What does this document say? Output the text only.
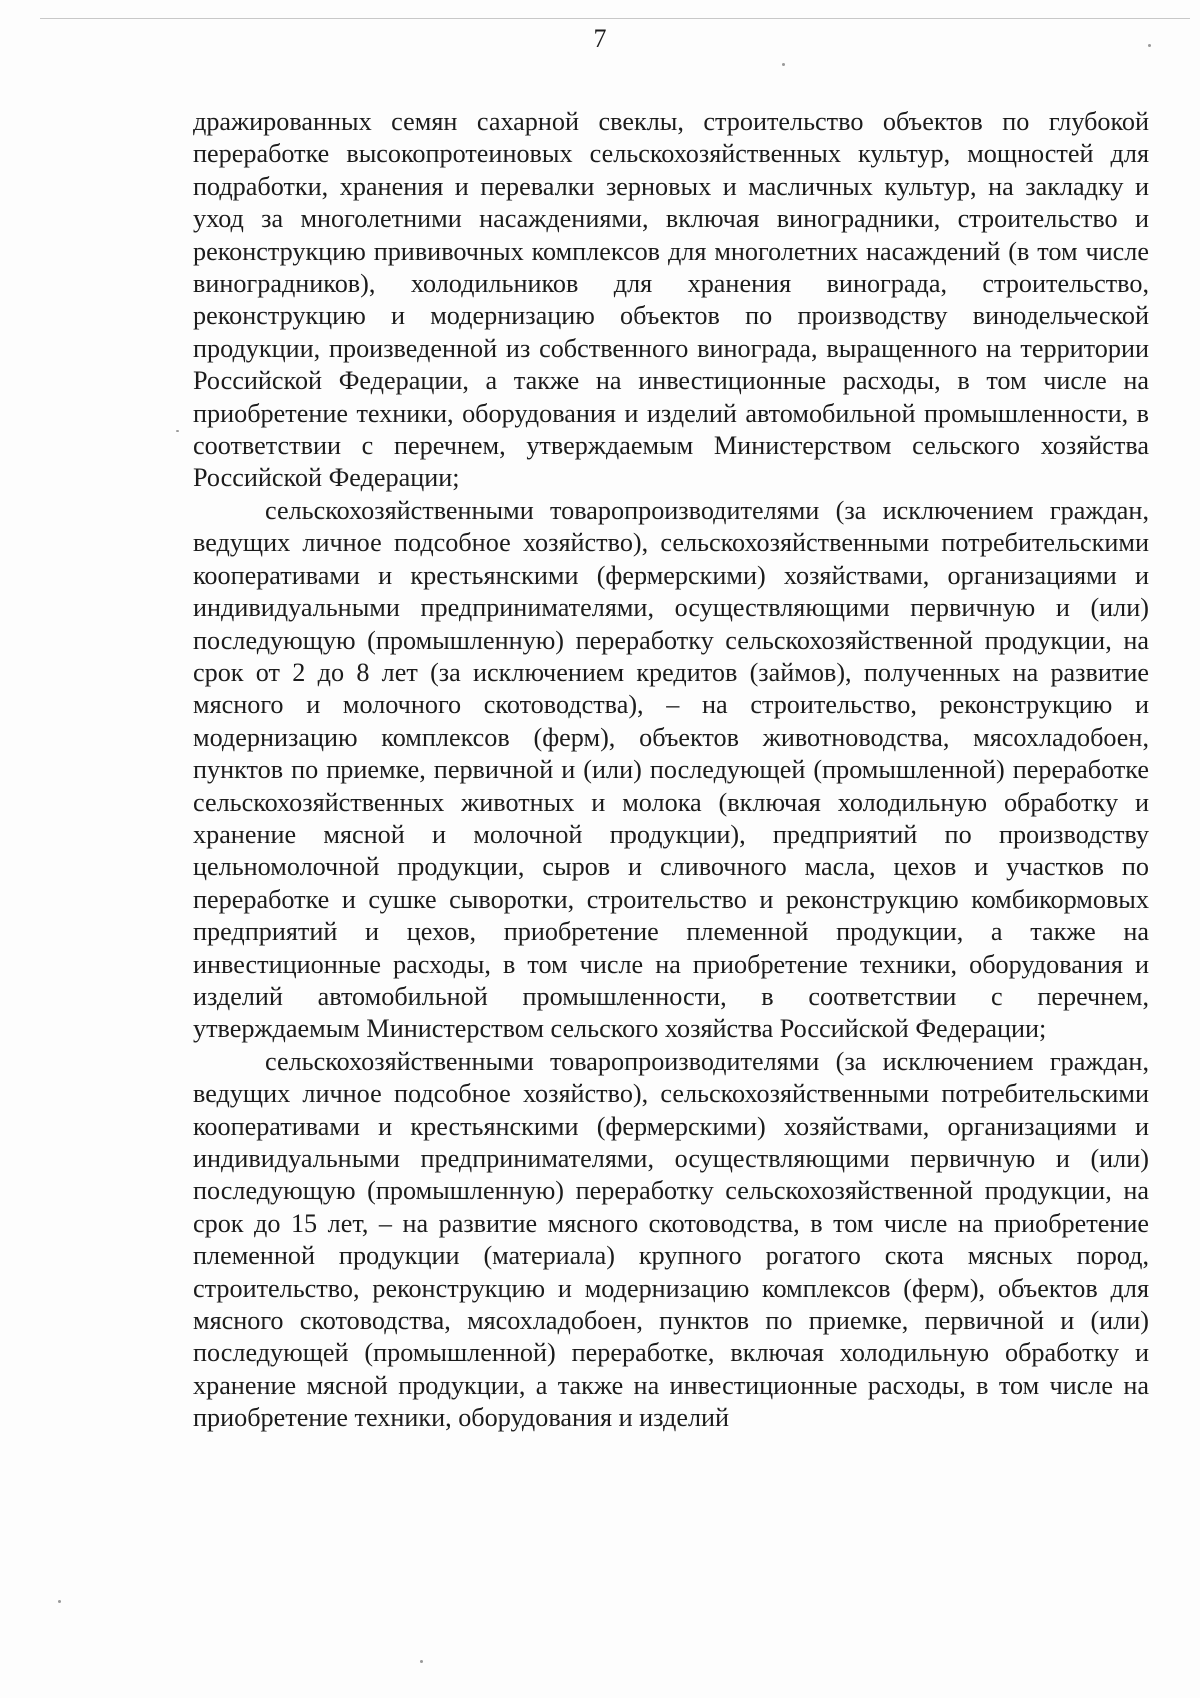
7

дражированных семян сахарной свеклы, строительство объектов по глубокой переработке высокопротеиновых сельскохозяйственных культур, мощностей для подработки, хранения и перевалки зерновых и масличных культур, на закладку и уход за многолетними насаждениями, включая виноградники, строительство и реконструкцию прививочных комплексов для многолетних насаждений (в том числе виноградников), холодильников для хранения винограда, строительство, реконструкцию и модернизацию объектов по производству винодельческой продукции, произведенной из собственного винограда, выращенного на территории Российской Федерации, а также на инвестиционные расходы, в том числе на приобретение техники, оборудования и изделий автомобильной промышленности, в соответствии с перечнем, утверждаемым Министерством сельского хозяйства Российской Федерации;

сельскохозяйственными товаропроизводителями (за исключением граждан, ведущих личное подсобное хозяйство), сельскохозяйственными потребительскими кооперативами и крестьянскими (фермерскими) хозяйствами, организациями и индивидуальными предпринимателями, осуществляющими первичную и (или) последующую (промышленную) переработку сельскохозяйственной продукции, на срок от 2 до 8 лет (за исключением кредитов (займов), полученных на развитие мясного и молочного скотоводства), – на строительство, реконструкцию и модернизацию комплексов (ферм), объектов животноводства, мясохладобоен, пунктов по приемке, первичной и (или) последующей (промышленной) переработке сельскохозяйственных животных и молока (включая холодильную обработку и хранение мясной и молочной продукции), предприятий по производству цельномолочной продукции, сыров и сливочного масла, цехов и участков по переработке и сушке сыворотки, строительство и реконструкцию комбикормовых предприятий и цехов, приобретение племенной продукции, а также на инвестиционные расходы, в том числе на приобретение техники, оборудования и изделий автомобильной промышленности, в соответствии с перечнем, утверждаемым Министерством сельского хозяйства Российской Федерации;

сельскохозяйственными товаропроизводителями (за исключением граждан, ведущих личное подсобное хозяйство), сельскохозяйственными потребительскими кооперативами и крестьянскими (фермерскими) хозяйствами, организациями и индивидуальными предпринимателями, осуществляющими первичную и (или) последующую (промышленную) переработку сельскохозяйственной продукции, на срок до 15 лет, – на развитие мясного скотоводства, в том числе на приобретение племенной продукции (материала) крупного рогатого скота мясных пород, строительство, реконструкцию и модернизацию комплексов (ферм), объектов для мясного скотоводства, мясохладобоен, пунктов по приемке, первичной и (или) последующей (промышленной) переработке, включая холодильную обработку и хранение мясной продукции, а также на инвестиционные расходы, в том числе на приобретение техники, оборудования и изделий
